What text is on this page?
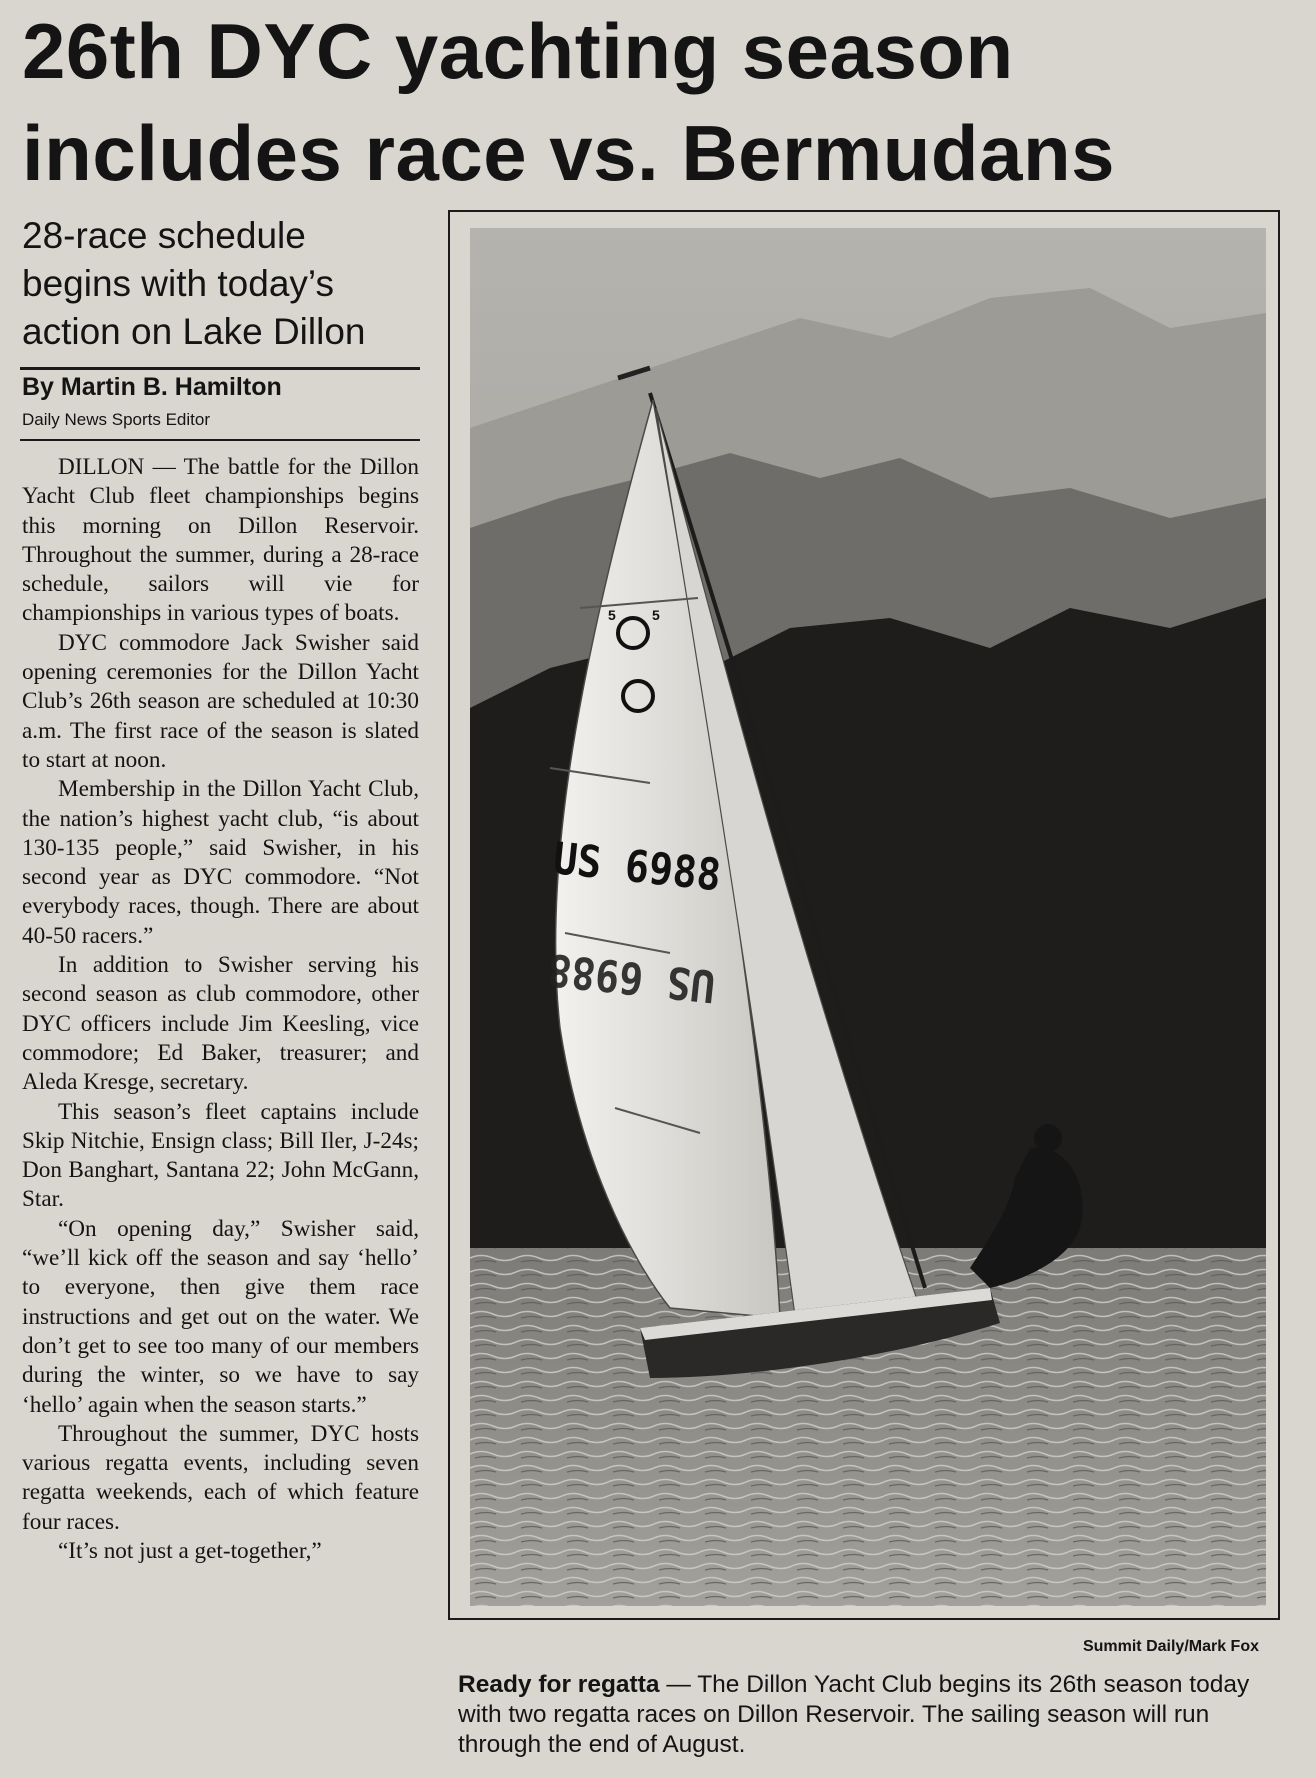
26th DYC yachting season includes race vs. Bermudans

28-race schedule begins with today’s action on Lake Dillon

By Martin B. Hamilton
Daily News Sports Editor

DILLON — The battle for the Dillon Yacht Club fleet championships begins this morning on Dillon Reservoir. Throughout the summer, during a 28-race schedule, sailors will vie for championships in various types of boats.

DYC commodore Jack Swisher said opening ceremonies for the Dillon Yacht Club’s 26th season are scheduled at 10:30 a.m. The first race of the season is slated to start at noon.

Membership in the Dillon Yacht Club, the nation’s highest yacht club, “is about 130-135 people,” said Swisher, in his second year as DYC commodore. “Not everybody races, though. There are about 40-50 racers.”

In addition to Swisher serving his second season as club commodore, other DYC officers include Jim Keesling, vice commodore; Ed Baker, treasurer; and Aleda Kresge, secretary.

This season’s fleet captains include Skip Nitchie, Ensign class; Bill Iler, J-24s; Don Banghart, Santana 22; John McGann, Star.

“On opening day,” Swisher said, “we’ll kick off the season and say ‘hello’ to everyone, then give them race instructions and get out on the water. We don’t get to see too many of our members during the winter, so we have to say ‘hello’ again when the season starts.”

Throughout the summer, DYC hosts various regatta events, including seven regatta weekends, each of which feature four races.

“It’s not just a get-together,”

5	5
US 6988
US 6988
Summit Daily/Mark Fox

Ready for regatta — The Dillon Yacht Club begins its 26th season today with two regatta races on Dillon Reservoir. The sailing season will run through the end of August.
